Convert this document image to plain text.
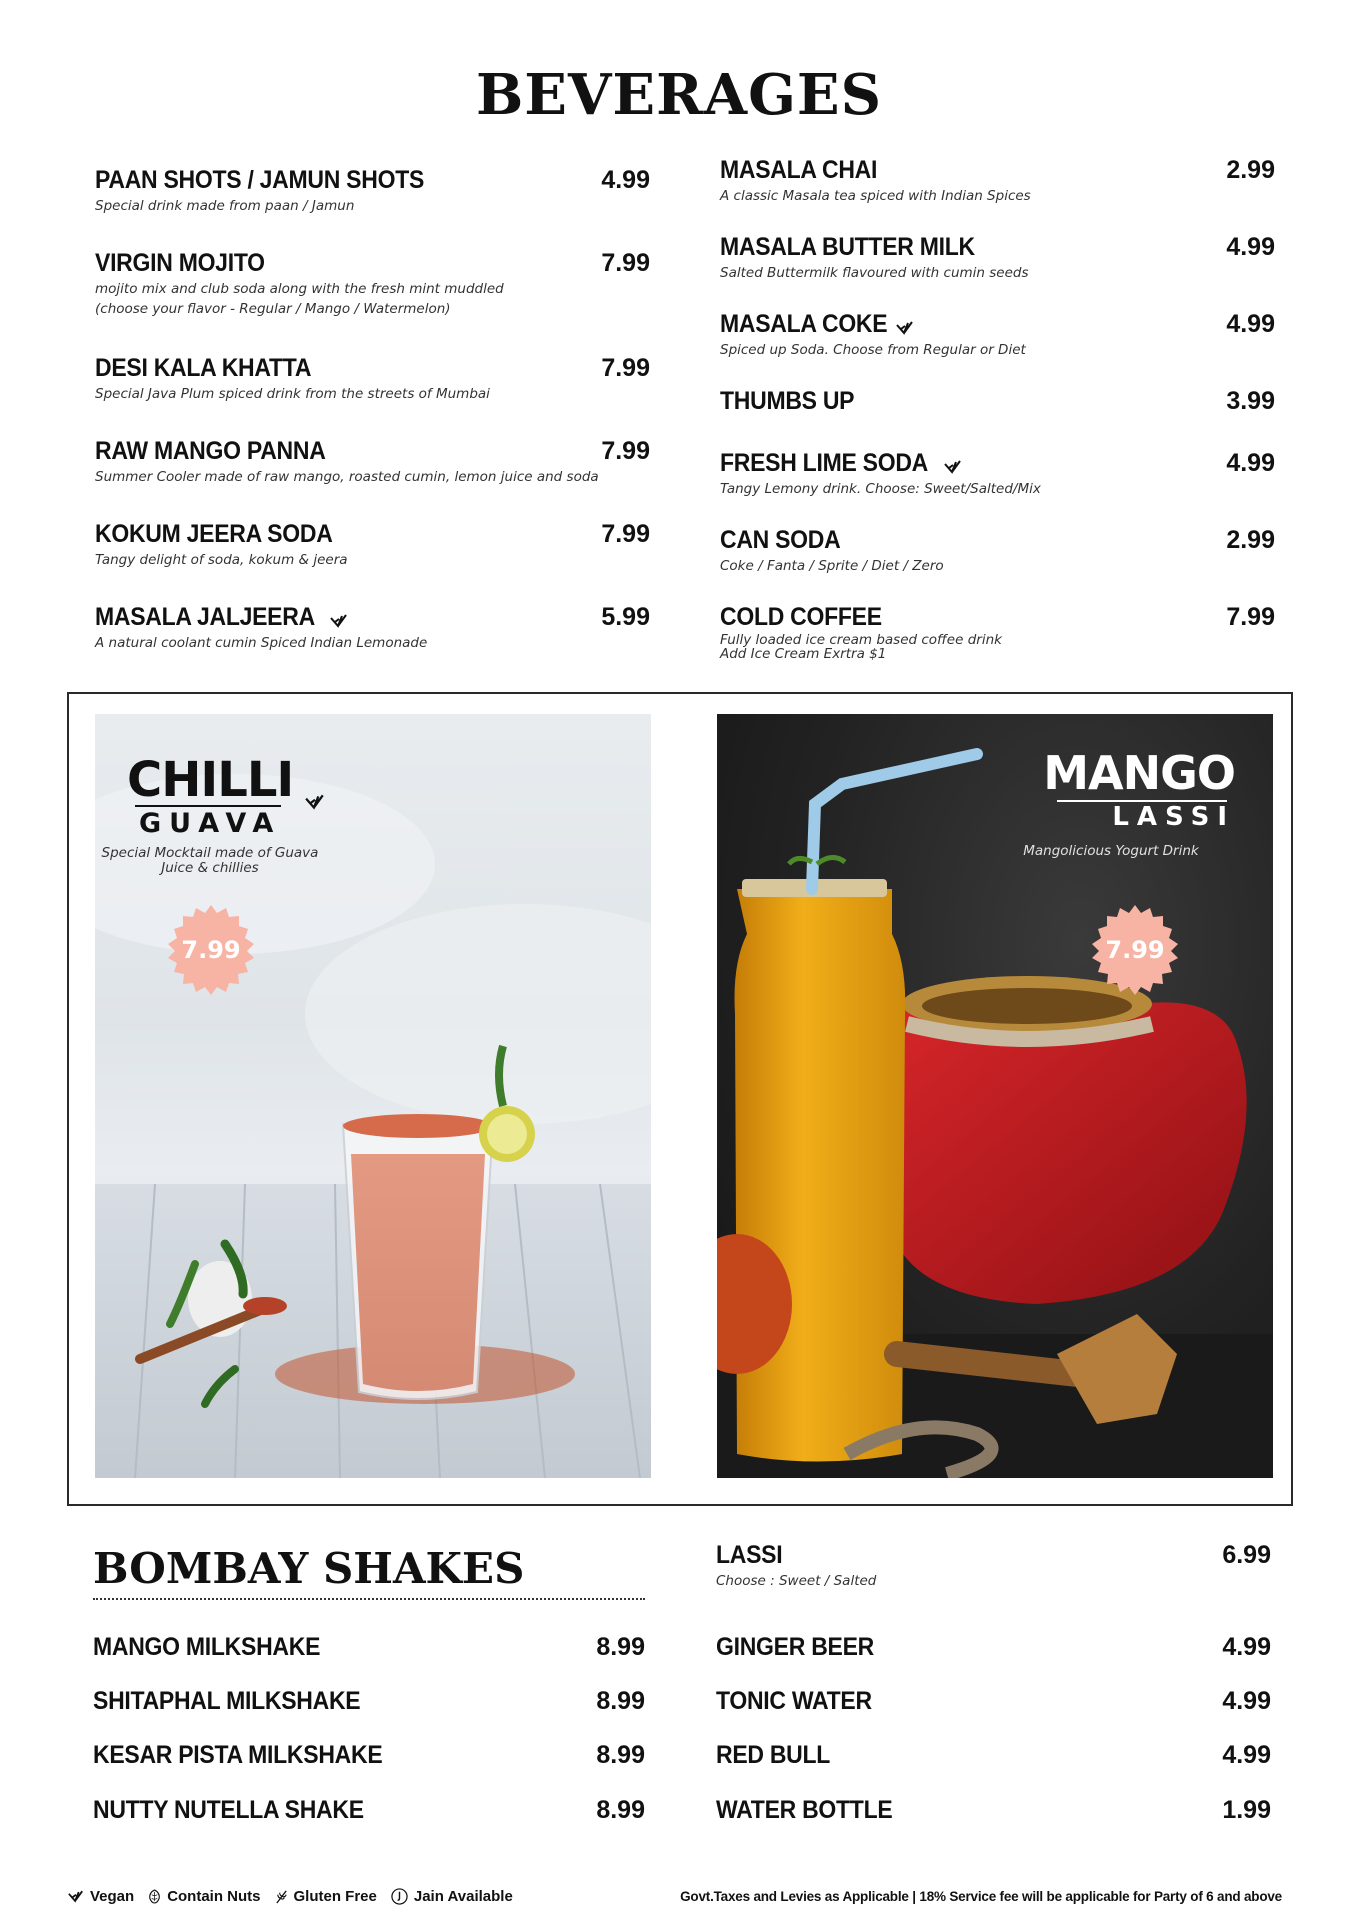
BEVERAGES
PAAN SHOTS / JAMUN SHOTS	4.99
Special drink made from paan / Jamun
VIRGIN MOJITO	7.99
mojito mix and club soda along with the fresh mint muddled
(choose your flavor - Regular / Mango / Watermelon)
DESI KALA KHATTA	7.99
Special Java Plum spiced drink from the streets of Mumbai
RAW MANGO PANNA	7.99
Summer Cooler made of raw mango, roasted cumin, lemon juice and soda
KOKUM JEERA SODA	7.99
Tangy delight of soda, kokum & jeera
MASALA JALJEERA	5.99
A natural coolant cumin Spiced Indian Lemonade
MASALA CHAI	2.99
A classic Masala tea spiced with Indian Spices
MASALA BUTTER MILK	4.99
Salted Buttermilk flavoured with cumin seeds
MASALA COKE	4.99
Spiced up Soda. Choose from Regular or Diet
THUMBS UP	3.99
FRESH LIME SODA	4.99
Tangy Lemony drink. Choose: Sweet/Salted/Mix
CAN SODA	2.99
Coke / Fanta / Sprite / Diet / Zero
COLD COFFEE	7.99
Fully loaded ice cream based coffee drink
Add Ice Cream Exrtra $1
CHILLI
GUAVA
Special Mocktail made of Guava
Juice & chillies
7.99
MANGO
LASSI
Mangolicious Yogurt Drink
7.99
BOMBAY SHAKES
MANGO MILKSHAKE	8.99
SHITAPHAL MILKSHAKE	8.99
KESAR PISTA MILKSHAKE	8.99
NUTTY NUTELLA SHAKE	8.99
LASSI	6.99
Choose : Sweet / Salted
GINGER BEER	4.99
TONIC WATER	4.99
RED BULL	4.99
WATER BOTTLE	1.99
Vegan Contain Nuts Gluten Free Jain Available	Govt.Taxes and Levies as Applicable | 18% Service fee will be applicable for Party of 6 and above
